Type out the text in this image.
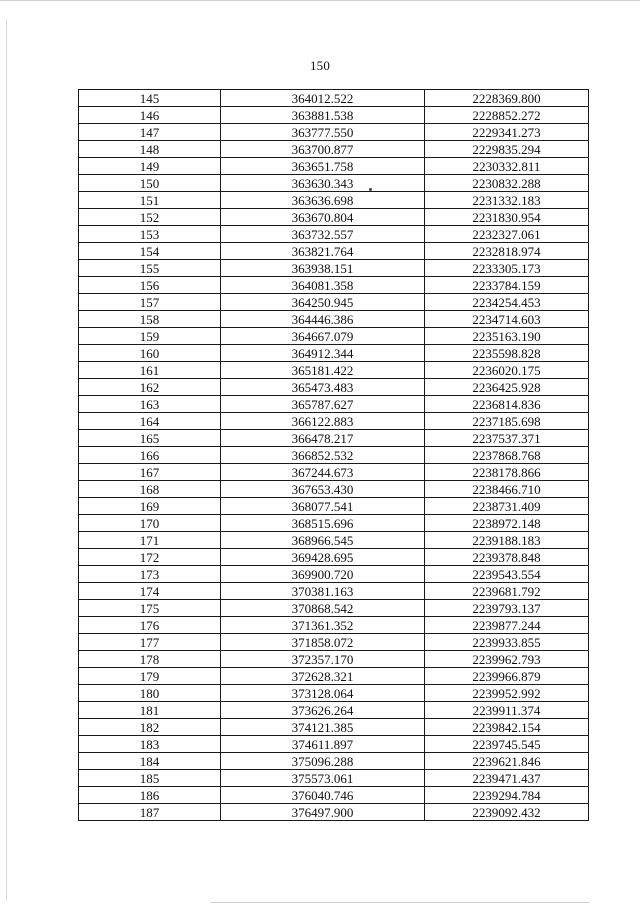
150
145	364012.522	2228369.800
146	363881.538	2228852.272
147	363777.550	2229341.273
148	363700.877	2229835.294
149	363651.758	2230332.811
150	363630.343	2230832.288
151	363636.698	2231332.183
152	363670.804	2231830.954
153	363732.557	2232327.061
154	363821.764	2232818.974
155	363938.151	2233305.173
156	364081.358	2233784.159
157	364250.945	2234254.453
158	364446.386	2234714.603
159	364667.079	2235163.190
160	364912.344	2235598.828
161	365181.422	2236020.175
162	365473.483	2236425.928
163	365787.627	2236814.836
164	366122.883	2237185.698
165	366478.217	2237537.371
166	366852.532	2237868.768
167	367244.673	2238178.866
168	367653.430	2238466.710
169	368077.541	2238731.409
170	368515.696	2238972.148
171	368966.545	2239188.183
172	369428.695	2239378.848
173	369900.720	2239543.554
174	370381.163	2239681.792
175	370868.542	2239793.137
176	371361.352	2239877.244
177	371858.072	2239933.855
178	372357.170	2239962.793
179	372628.321	2239966.879
180	373128.064	2239952.992
181	373626.264	2239911.374
182	374121.385	2239842.154
183	374611.897	2239745.545
184	375096.288	2239621.846
185	375573.061	2239471.437
186	376040.746	2239294.784
187	376497.900	2239092.432
